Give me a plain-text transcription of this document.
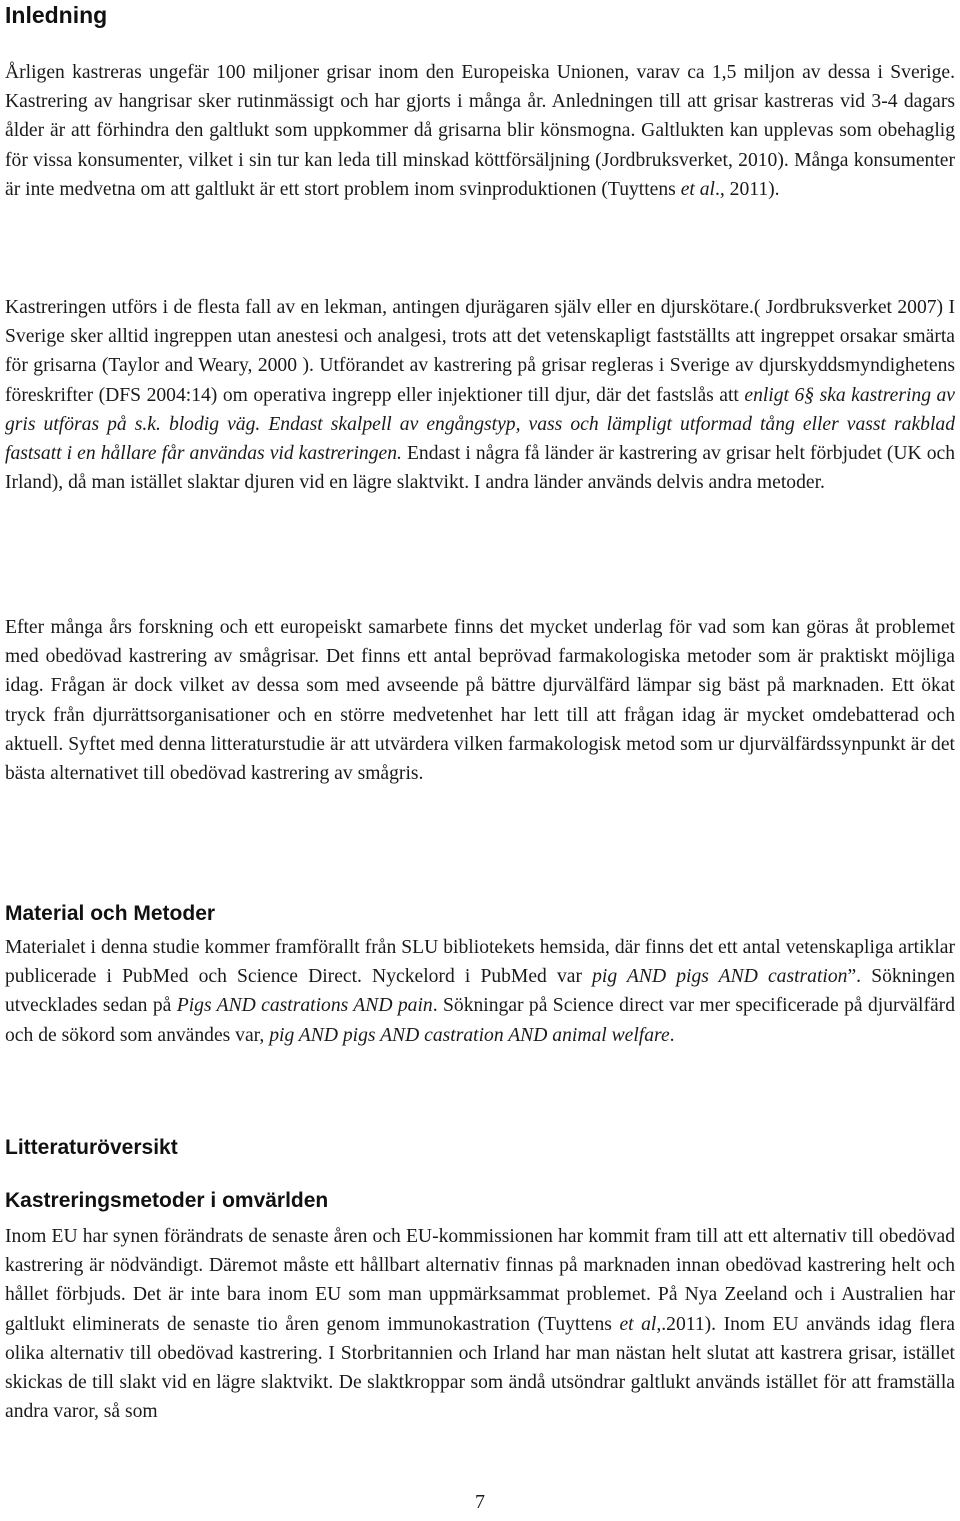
Inledning

Årligen kastreras ungefär 100 miljoner grisar inom den Europeiska Unionen, varav ca 1,5 miljon av dessa i Sverige. Kastrering av hangrisar sker rutinmässigt och har gjorts i många år. Anledningen till att grisar kastreras vid 3-4 dagars ålder är att förhindra den galtlukt som uppkommer då grisarna blir könsmogna. Galtlukten kan upplevas som obehaglig för vissa konsumenter, vilket i sin tur kan leda till minskad köttförsäljning (Jordbruksverket, 2010). Många konsumenter är inte medvetna om att galtlukt är ett stort problem inom svinproduktionen (Tuyttens et al., 2011).

Kastreringen utförs i de flesta fall av en lekman, antingen djurägaren själv eller en djurskötare.( Jordbruksverket 2007) I Sverige sker alltid ingreppen utan anestesi och analgesi, trots att det vetenskapligt fastställts att ingreppet orsakar smärta för grisarna (Taylor and Weary, 2000 ). Utförandet av kastrering på grisar regleras i Sverige av djurskyddsmyndighetens föreskrifter (DFS 2004:14) om operativa ingrepp eller injektioner till djur, där det fastslås att enligt 6§ ska kastrering av gris utföras på s.k. blodig väg. Endast skalpell av engångstyp, vass och lämpligt utformad tång eller vasst rakblad fastsatt i en hållare får användas vid kastreringen. Endast i några få länder är kastrering av grisar helt förbjudet (UK och Irland), då man istället slaktar djuren vid en lägre slaktvikt. I andra länder används delvis andra metoder.

Efter många års forskning och ett europeiskt samarbete finns det mycket underlag för vad som kan göras åt problemet med obedövad kastrering av smågrisar. Det finns ett antal beprövad farmakologiska metoder som är praktiskt möjliga idag. Frågan är dock vilket av dessa som med avseende på bättre djurvälfärd lämpar sig bäst på marknaden. Ett ökat tryck från djurrättsorganisationer och en större medvetenhet har lett till att frågan idag är mycket omdebatterad och aktuell. Syftet med denna litteraturstudie är att utvärdera vilken farmakologisk metod som ur djurvälfärdssynpunkt är det bästa alternativet till obedövad kastrering av smågris.

Material och Metoder

Materialet i denna studie kommer framförallt från SLU bibliotekets hemsida, där finns det ett antal vetenskapliga artiklar publicerade i PubMed och Science Direct. Nyckelord i PubMed var pig AND pigs AND castration”. Sökningen utvecklades sedan på Pigs AND castrations AND pain. Sökningar på Science direct var mer specificerade på djurvälfärd och de sökord som användes var, pig AND pigs AND castration AND animal welfare.

Litteraturöversikt
Kastreringsmetoder i omvärlden

Inom EU har synen förändrats de senaste åren och EU-kommissionen har kommit fram till att ett alternativ till obedövad kastrering är nödvändigt. Däremot måste ett hållbart alternativ finnas på marknaden innan obedövad kastrering helt och hållet förbjuds. Det är inte bara inom EU som man uppmärksammat problemet. På Nya Zeeland och i Australien har galtlukt eliminerats de senaste tio åren genom immunokastration (Tuyttens et al,.2011). Inom EU används idag flera olika alternativ till obedövad kastrering. I Storbritannien och Irland har man nästan helt slutat att kastrera grisar, istället skickas de till slakt vid en lägre slaktvikt. De slaktkroppar som ändå utsöndrar galtlukt används istället för att framställa andra varor, så som

7
